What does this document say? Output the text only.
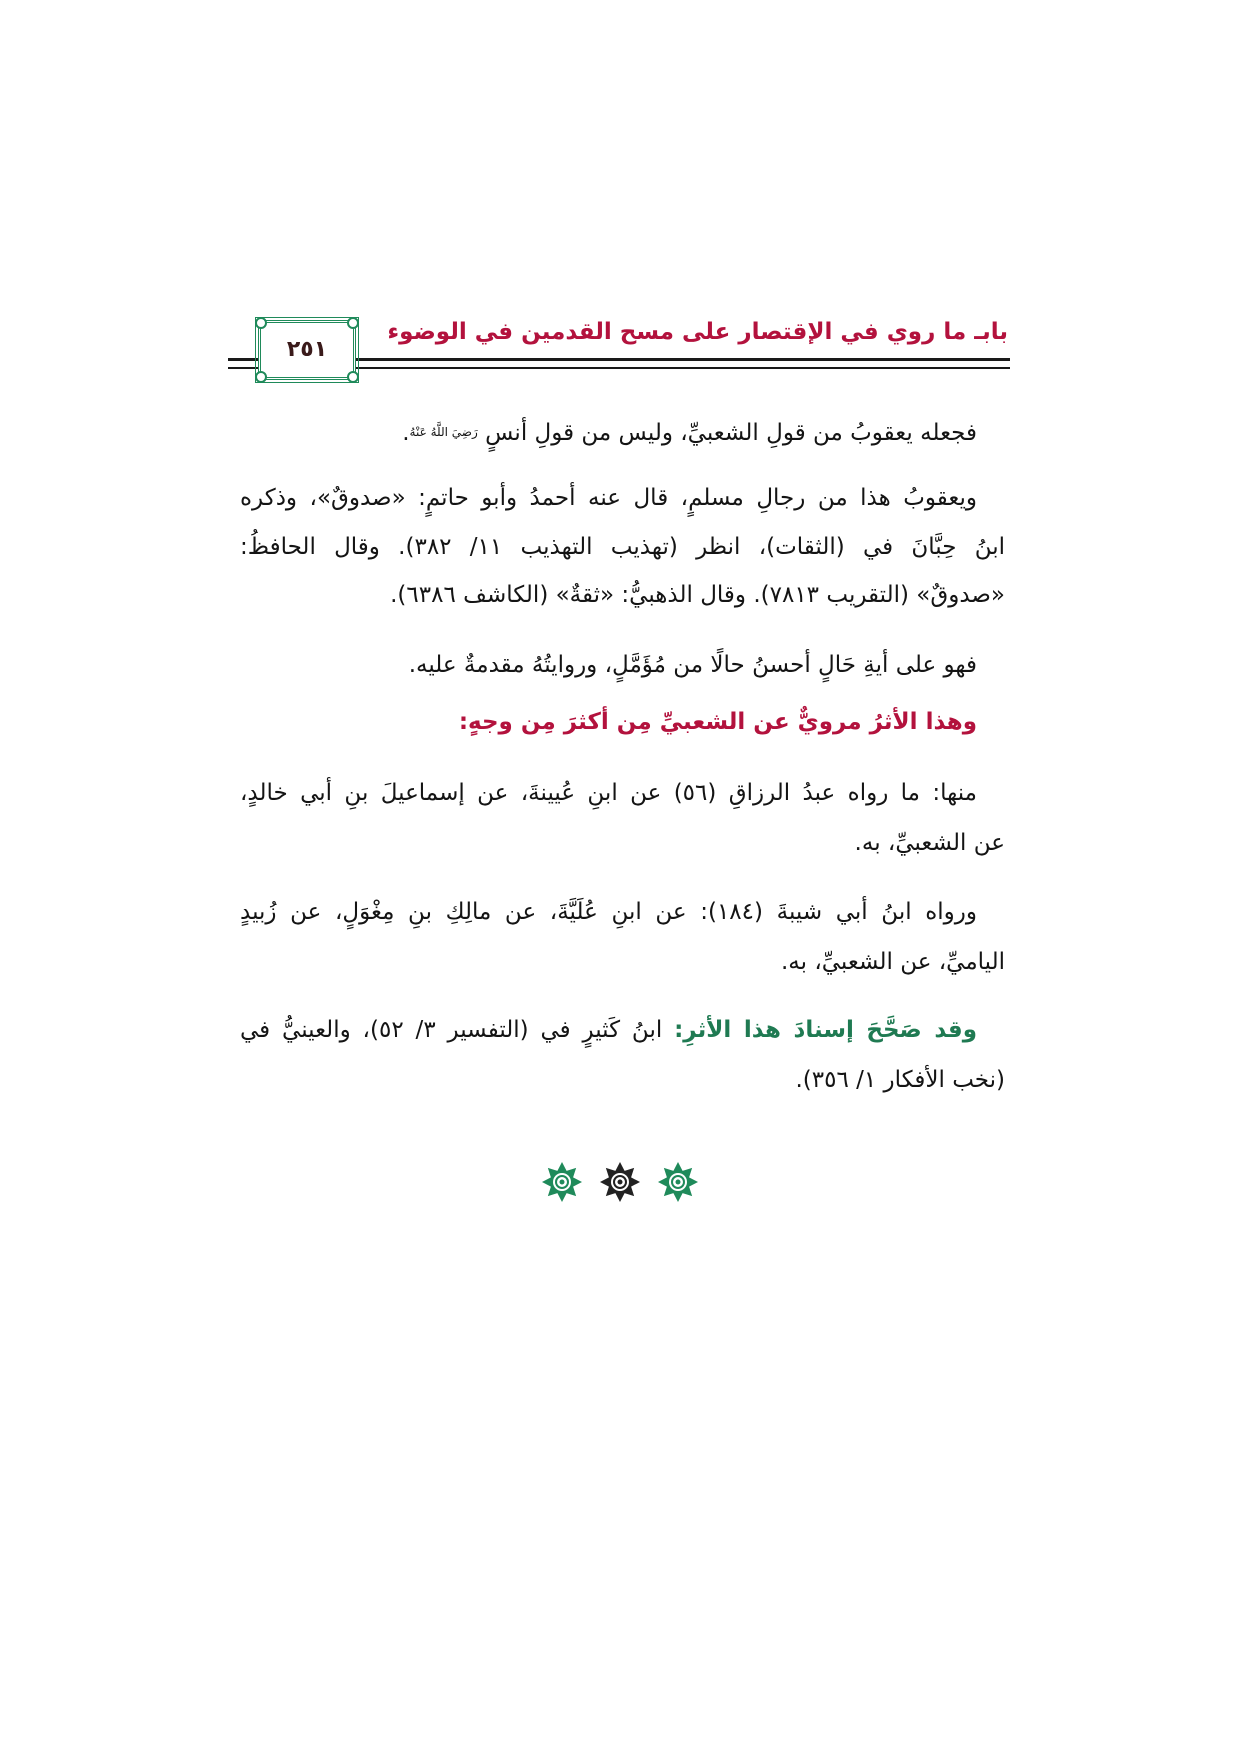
بابـ ما روي في الإقتصار على مسح القدمين في الوضوء
٢٥١
فجعله يعقوبُ من قولِ الشعبيِّ، وليس من قولِ أنسٍ رَضِيَ اللَّهُ عَنْهُ.
ويعقوبُ هذا من رجالِ مسلمٍ، قال عنه أحمدُ وأبو حاتمٍ: «صدوقٌ»، وذكره
ابنُ حِبَّانَ في (الثقات)، انظر (تهذيب التهذيب ١١/ ٣٨٢). وقال الحافظُ:
«صدوقٌ» (التقريب ٧٨١٣). وقال الذهبيُّ: «ثقةٌ» (الكاشف ٦٣٨٦).
فهو على أيةِ حَالٍ أحسنُ حالًا من مُؤَمَّلٍ، وروايتُهُ مقدمةٌ عليه.
وهذا الأثرُ مرويٌّ عن الشعبيِّ مِن أكثرَ مِن وجهٍ:
منها: ما رواه عبدُ الرزاقِ (٥٦) عن ابنِ عُيينةَ، عن إسماعيلَ بنِ أبي خالدٍ،
عن الشعبيِّ، به.
ورواه ابنُ أبي شيبةَ (١٨٤): عن ابنِ عُلَيَّةَ، عن مالِكِ بنِ مِغْوَلٍ، عن زُبيدٍ
الياميِّ، عن الشعبيِّ، به.
وقد صَحَّحَ إسنادَ هذا الأثرِ: ابنُ كَثيرٍ في (التفسير ٣/ ٥٢)، والعينيُّ في
(نخب الأفكار ١/ ٣٥٦).
